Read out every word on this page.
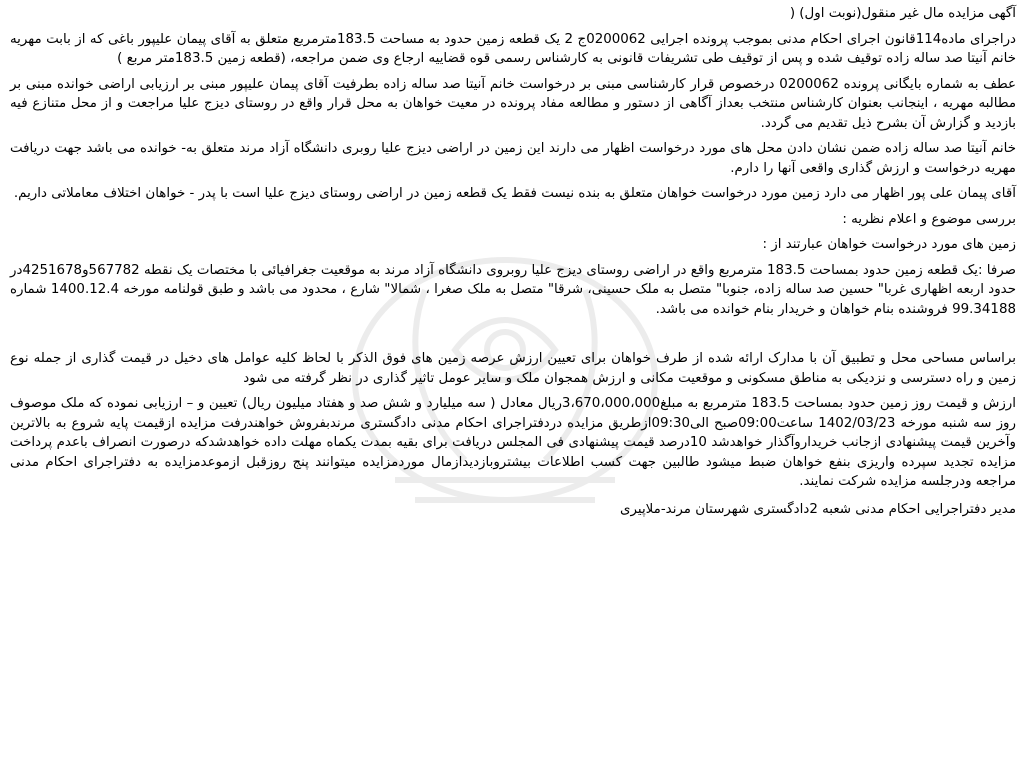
آگهی مزایده مال غیر منقول(نوبت اول) (

دراجرای ماده114قانون اجرای احکام مدنی بموجب پرونده اجرایی 0200062ج 2 یک قطعه زمین حدود به مساحت 183.5مترمربع متعلق به آقای پیمان علیپور باغی که از بابت مهریه خانم آنیتا صد ساله زاده توقیف شده و پس از توقیف طی تشریفات قانونی به کارشناس رسمی قوه قضاییه ارجاع وی ضمن مراجعه، (قطعه زمین 183.5متر مربع )

عطف به شماره بایگانی پرونده 0200062 درخصوص قرار کارشناسی مبنی بر درخواست خانم آنیتا صد ساله زاده بطرفیت آقای پیمان علیپور مبنی بر ارزیابی اراضی خوانده مبنی بر مطالبه مهریه ، اینجانب بعنوان کارشناس منتخب بعداز آگاهی از دستور و مطالعه مفاد پرونده در معیت خواهان به محل قرار واقع در روستای دیزج علیا مراجعت و از محل متنازع فیه بازدید و گزارش آن بشرح ذیل تقدیم می گردد.

خانم آنیتا صد ساله زاده ضمن نشان دادن محل های مورد درخواست اظهار می دارند این زمین در اراضی دیزج علیا روبری دانشگاه آزاد مرند متعلق به- خوانده می باشد جهت دریافت مهریه درخواست و ارزش گذاری واقعی آنها را دارم.

آقای پیمان علی پور اظهار می دارد زمین مورد درخواست خواهان متعلق به بنده نیست فقط یک قطعه زمین در اراضی روستای دیزج علیا است با پدر - خواهان اختلاف معاملاتی داریم.

بررسی موضوع و اعلام نظریه :

زمین های مورد درخواست خواهان عبارتند از :

صرفا :یک قطعه زمین حدود بمساحت 183.5 مترمربع واقع در اراضی روستای دیزج علیا روبروی دانشگاه آزاد مرند به موقعیت جغرافیائی با مختصات یک نقطه 567782و4251678در حدود اربعه اظهاری غربا" حسین صد ساله زاده، جنوبا" متصل به ملک حسینی، شرقا" متصل به ملک صغرا ، شمالا" شارع ، محدود می باشد و طبق قولنامه مورخه 1400.12.4 شماره 99.34188 فروشنده بنام خواهان و خریدار بنام خوانده می باشد.

براساس مساحی محل و تطبیق آن با مدارک ارائه شده از طرف خواهان برای تعیین ارزش عرصه زمین های فوق الذکر با لحاظ کلیه عوامل های دخیل در قیمت گذاری از جمله نوع زمین و راه دسترسی و نزدیکی به مناطق مسکونی و موقعیت مکانی و ارزش همجوان ملک و سایر عومل تاثیر گذاری در نظر گرفته می شود

ارزش و قیمت روز زمین حدود بمساحت 183.5 مترمربع به مبلغ3،670،000،000ریال معادل ( سه میلیارد و شش صد و هفتاد میلیون ریال) تعیین و – ارزیابی نموده که ملک موصوف روز سه شنبه مورخه 1402/03/23 ساعت09:00صبح الی09:30ازطریق مزایده دردفتراجرای احکام مدنی دادگستری مرندبفروش خواهندرفت مزایده ازقیمت پایه شروع به بالاترین وآخرین قیمت پیشنهادی ازجانب خریداروآگذار خواهدشد 10درصد قیمت پیشنهادی فی المجلس دریافت برای بقیه بمدت یکماه مهلت داده خواهدشدکه درصورت انصراف باعدم پرداخت مزایده تجدید سپرده واریزی بنفع خواهان ضبط میشود طالبین جهت کسب اطلاعات بیشتروبازدیدازمال موردمزایده میتوانند پنج روزقبل ازموعدمزایده به دفتراجرای احکام مدنی مراجعه ودرجلسه مزایده شرکت نمایند.

مدیر دفتراجرایی احکام مدنی شعبه 2دادگستری شهرستان مرند-ملاپیری
